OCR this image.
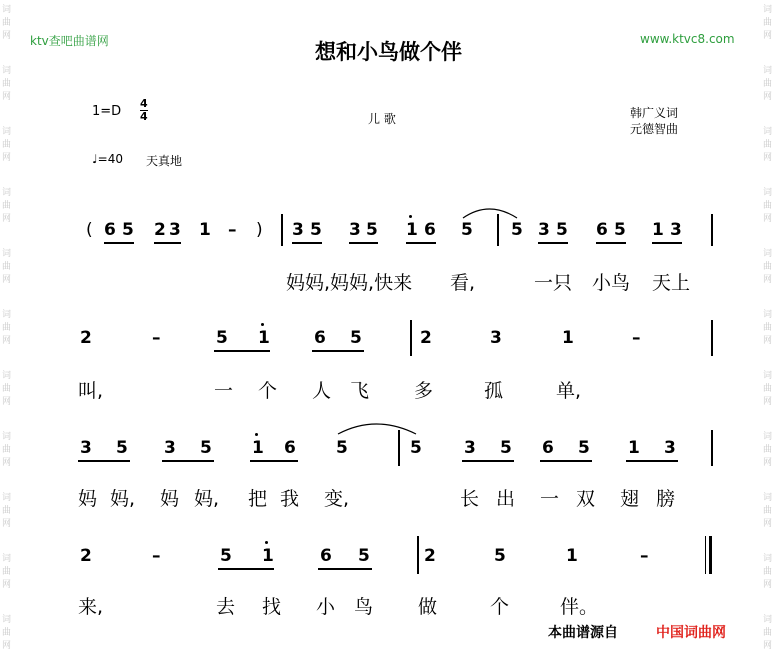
词
曲
网
词
曲
网
词
曲
网
词
曲
网
词
曲
网
词
曲
网
词
曲
网
词
曲
网
词
曲
网
词
曲
网
词
曲
网
词
曲
网
词
曲
网
词
曲
网
词
曲
网
词
曲
网
词
曲
网
词
曲
网
词
曲
网
词
曲
网
词
曲
网
词
曲
网
ktv查吧曲谱网	www.ktvc8.com
想和小鸟做个伴
$1=D \frac{4}{4}$	儿 歌	韩广义词
元德智曲
♩=40 天真地
( 6 5 2 3 1 – ) 3 5 3 5 1 6 5 5 3 5 6 5 1 3
妈妈,妈妈,快来 看,	一只 小鸟 天上
2	–	5 1	6 5	2	3	1	–
叫,	一 个 人 飞 多	孤	单,
3 5 3 5 1 6 5	5 3 5 6 5 1 3
妈 妈, 妈 妈, 把 我 变,	长 出 一 双 翅 膀
2	–	5 1	6 5	2	5	1	–
来,	去 找 小 鸟 做	个	伴。
本曲谱源自	中国词曲网
